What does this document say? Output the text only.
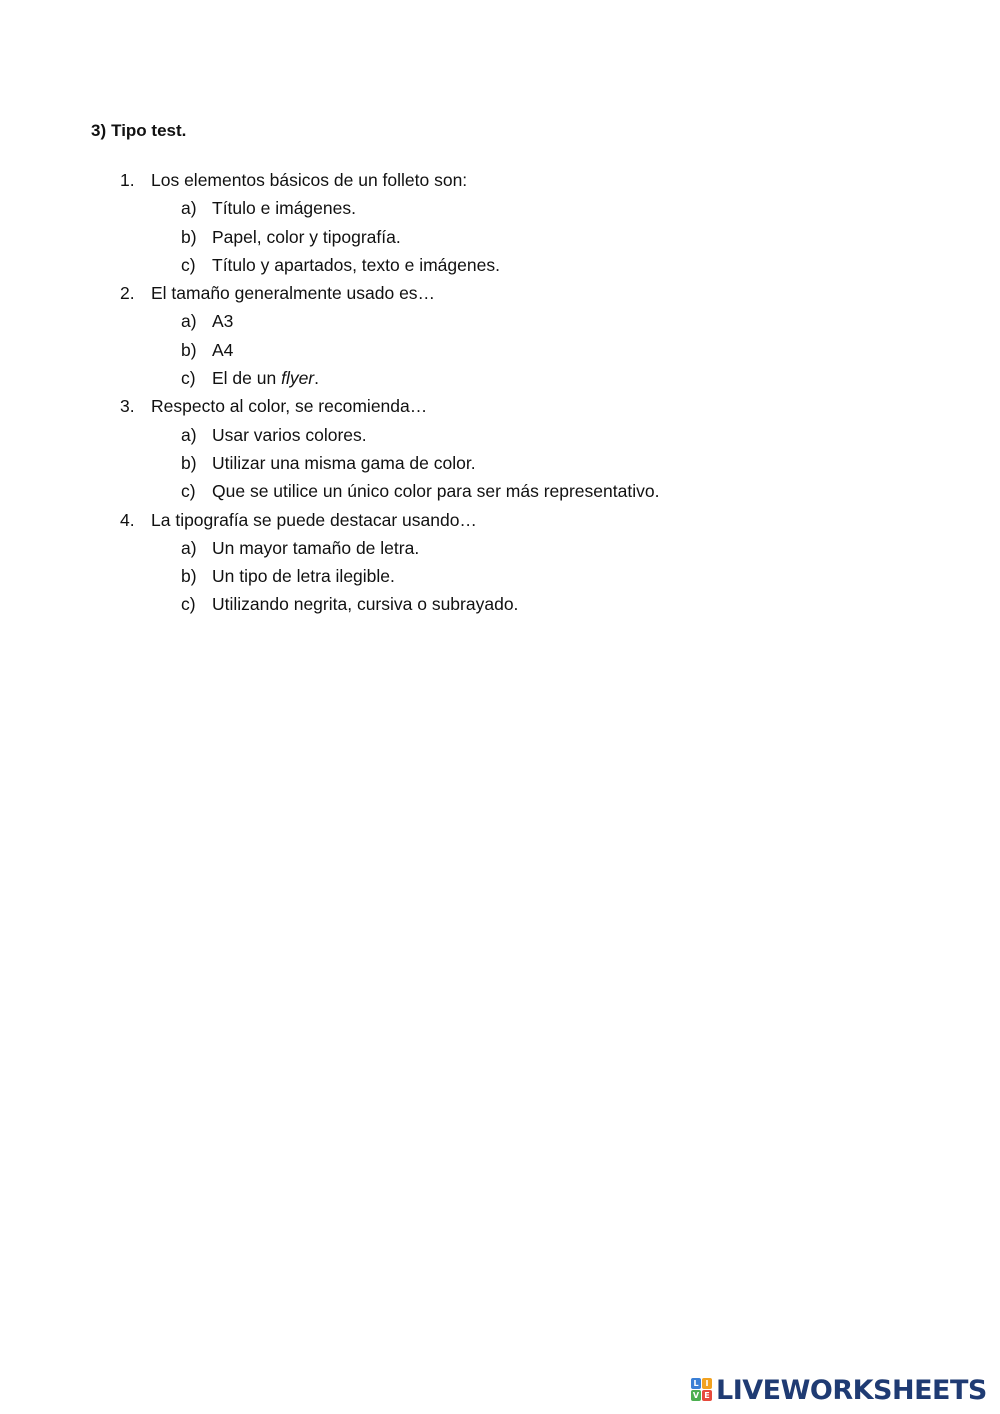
3) Tipo test.
1. Los elementos básicos de un folleto son:
a) Título e imágenes.
b) Papel, color y tipografía.
c) Título y apartados, texto e imágenes.
2. El tamaño generalmente usado es…
a) A3
b) A4
c) El de un flyer.
3. Respecto al color, se recomienda…
a) Usar varios colores.
b) Utilizar una misma gama de color.
c) Que se utilice un único color para ser más representativo.
4. La tipografía se puede destacar usando…
a) Un mayor tamaño de letra.
b) Un tipo de letra ilegible.
c) Utilizando negrita, cursiva o subrayado.
L I
V E LIVEWORKSHEETS
